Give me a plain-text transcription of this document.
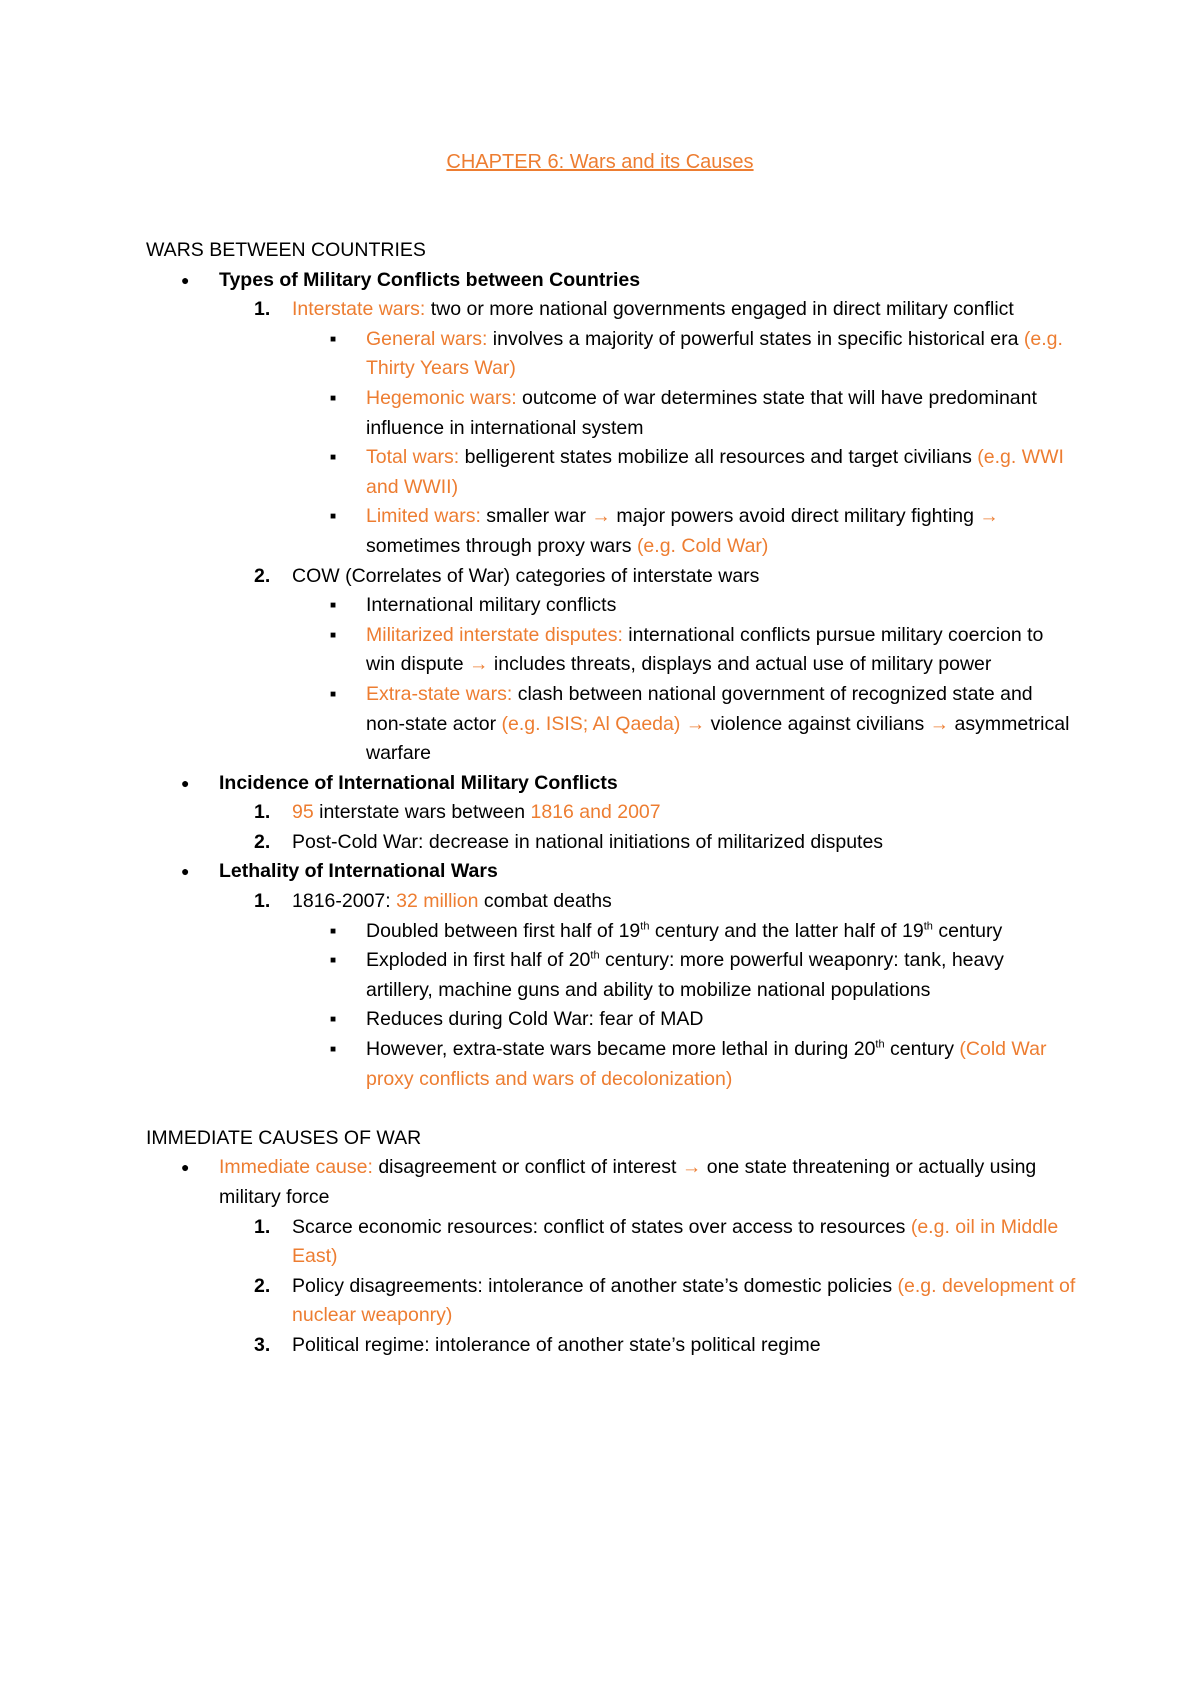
CHAPTER 6: Wars and its Causes
WARS BETWEEN COUNTRIES
● Types of Military Conflicts between Countries
1. Interstate wars: two or more national governments engaged in direct military conflict
■ General wars: involves a majority of powerful states in specific historical era (e.g. Thirty Years War)
■ Hegemonic wars: outcome of war determines state that will have predominant influence in international system
■ Total wars: belligerent states mobilize all resources and target civilians (e.g. WWI and WWII)
■ Limited wars: smaller war → major powers avoid direct military fighting → sometimes through proxy wars (e.g. Cold War)
2. COW (Correlates of War) categories of interstate wars
■ International military conflicts
■ Militarized interstate disputes: international conflicts pursue military coercion to win dispute → includes threats, displays and actual use of military power
■ Extra-state wars: clash between national government of recognized state and non-state actor (e.g. ISIS; Al Qaeda) → violence against civilians → asymmetrical warfare
● Incidence of International Military Conflicts
1. 95 interstate wars between 1816 and 2007
2. Post-Cold War: decrease in national initiations of militarized disputes
● Lethality of International Wars
1. 1816-2007: 32 million combat deaths
■ Doubled between first half of 19th century and the latter half of 19th century
■ Exploded in first half of 20th century: more powerful weaponry: tank, heavy artillery, machine guns and ability to mobilize national populations
■ Reduces during Cold War: fear of MAD
■ However, extra-state wars became more lethal in during 20th century (Cold War proxy conflicts and wars of decolonization)
IMMEDIATE CAUSES OF WAR
● Immediate cause: disagreement or conflict of interest → one state threatening or actually using military force
1. Scarce economic resources: conflict of states over access to resources (e.g. oil in Middle East)
2. Policy disagreements: intolerance of another state’s domestic policies (e.g. development of nuclear weaponry)
3. Political regime: intolerance of another state’s political regime
